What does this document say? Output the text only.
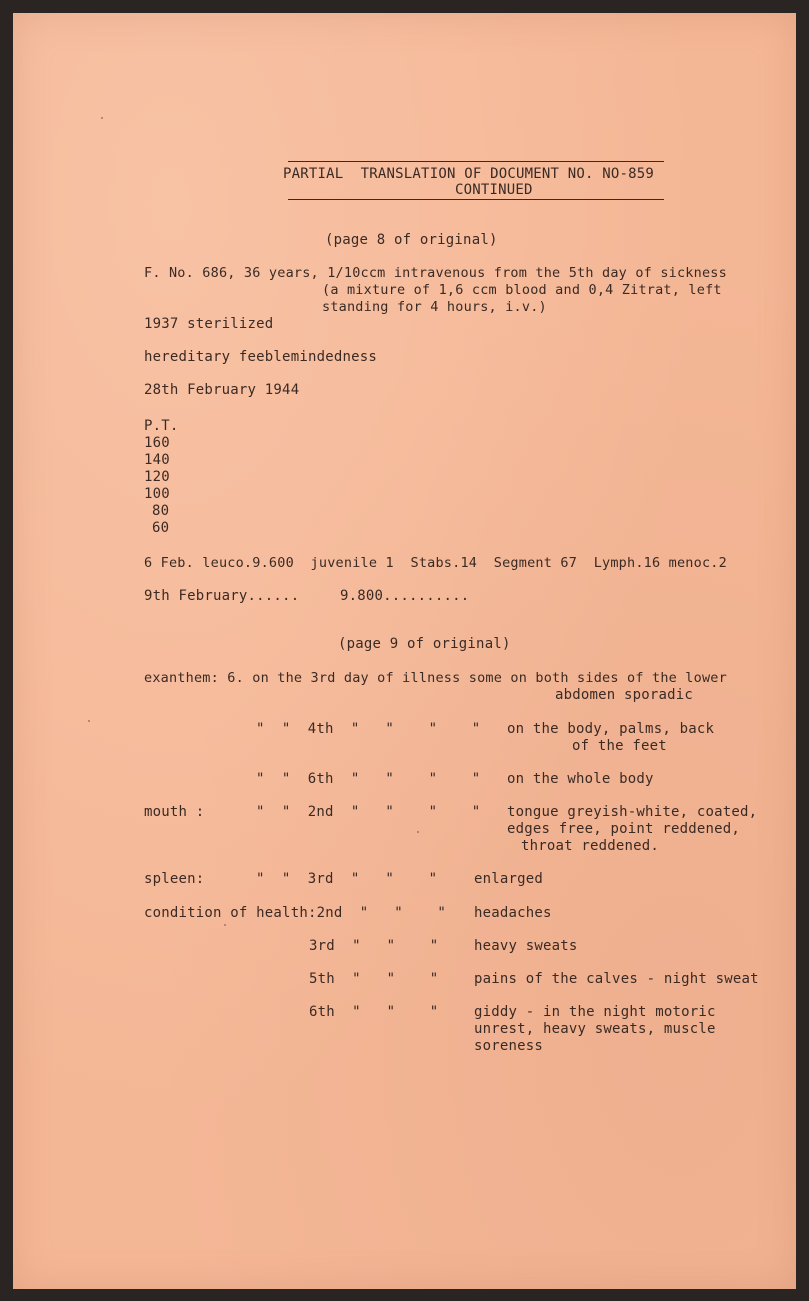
PARTIAL  TRANSLATION OF DOCUMENT NO. NO-859

CONTINUED

(page 8 of original)

F. No. 686, 36 years, 1/10ccm intravenous from the 5th day of sickness

(a mixture of 1,6 ccm blood and 0,4 Zitrat, left

standing for 4 hours, i.v.)

1937 sterilized

hereditary feeblemindedness

28th February 1944

P.T.

160

140

120

100

80

60

6 Feb. leuco.9.600  juvenile 1  Stabs.14  Segment 67  Lymph.16 menoc.2

9th February......	9.800..........

(page 9 of original)

exanthem: 6. on the 3rd day of illness some on both sides of the lower

abdomen sporadic

"  "  4th  "   "    "    " on the body, palms, back

of the feet

"  "  6th  "   "    "    " on the whole body

mouth :	"  "  2nd  "   "    "    " tongue greyish-white, coated,

edges free, point reddened,

throat reddened.

spleen:	"  "  3rd  "   "    "	enlarged

condition of health:2nd  "   "    " headaches

3rd  "   "    "	heavy sweats

5th  "   "    "	pains of the calves - night sweat

6th  "   "    "	giddy - in the night motoric

unrest, heavy sweats, muscle

soreness
